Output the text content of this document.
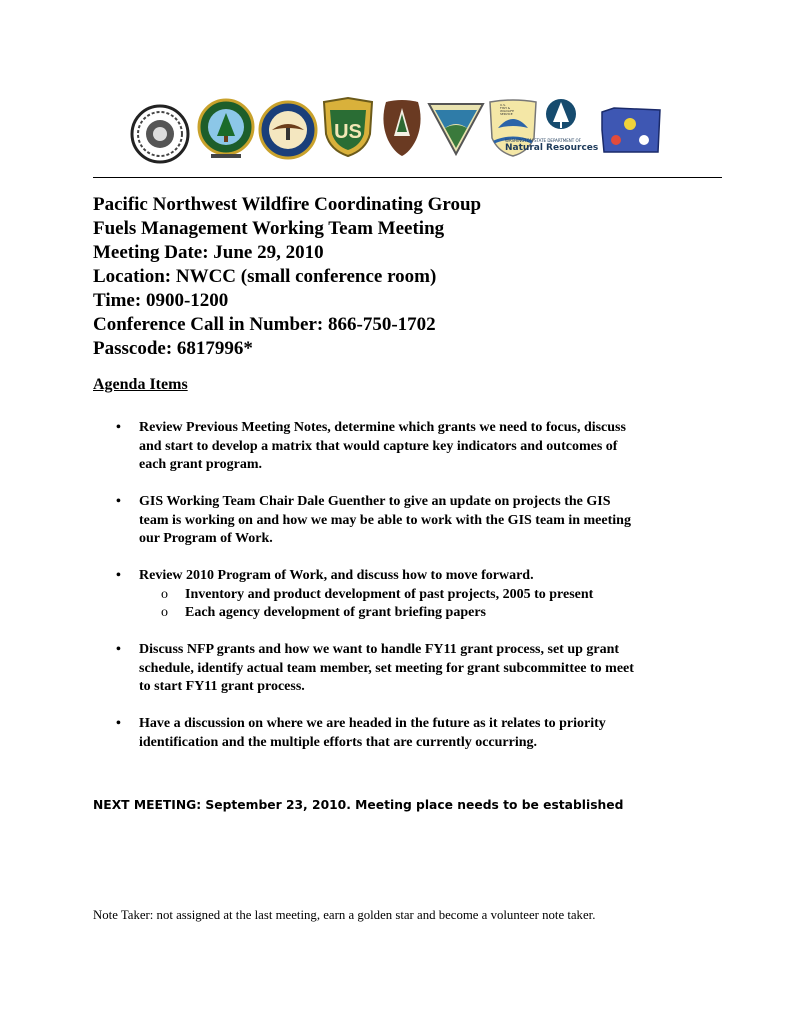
US
U.S.
FISH &
WILDLIFE
SERVICE
WASHINGTON STATE DEPARTMENT OF
Natural Resources
Pacific Northwest Wildfire Coordinating Group
Fuels Management Working Team Meeting
Meeting Date: June 29, 2010
Location: NWCC (small conference room)
Time: 0900-1200
Conference Call in Number: 866-750-1702
Passcode: 6817996*
Agenda Items
• Review Previous Meeting Notes, determine which grants we need to focus, discuss
and start to develop a matrix that would capture key indicators and outcomes of
each grant program.
• GIS Working Team Chair Dale Guenther to give an update on projects the GIS
team is working on and how we may be able to work with the GIS team in meeting
our Program of Work.
• Review 2010 Program of Work, and discuss how to move forward.
o Inventory and product development of past projects, 2005 to present
o Each agency development of grant briefing papers
• Discuss NFP grants and how we want to handle FY11 grant process, set up grant
schedule, identify actual team member, set meeting for grant subcommittee to meet
to start FY11 grant process.
• Have a discussion on where we are headed in the future as it relates to priority
identification and the multiple efforts that are currently occurring.
NEXT MEETING: September 23, 2010. Meeting place needs to be established
Note Taker: not assigned at the last meeting, earn a golden star and become a volunteer note taker.
